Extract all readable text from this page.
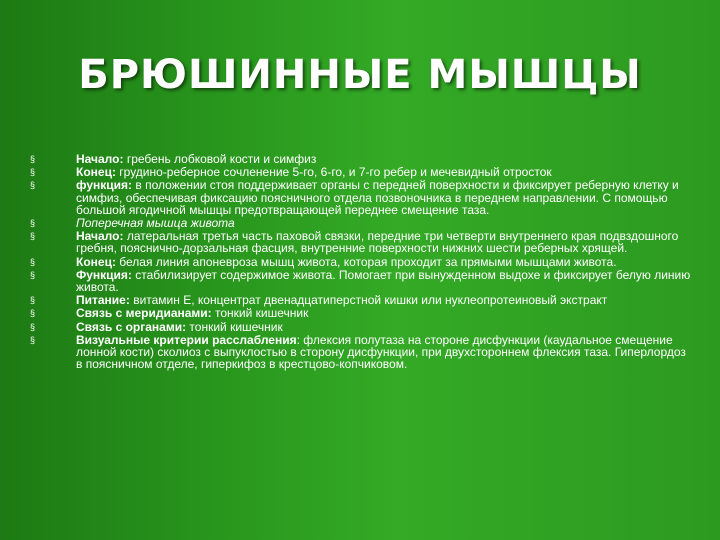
БРЮШИННЫЕ МЫШЦЫ
§	Начало: гребень лобковой кости и симфиз
§	Конец: грудино-реберное сочленение 5-го, 6-го, и 7-го ребер и мечевидный отросток
§	функция: в положении стоя поддерживает органы с передней поверхности и фиксирует реберную клетку и симфиз, обеспечивая фиксацию поясничного отдела позвоночника в переднем направлении. С помощью большой ягодичной мышцы предотвращающей переднее смещение таза.
§	Поперечная мышца живота
§	Начало: латеральная третья часть паховой связки, передние три четверти внутреннего края подвздошного гребня, пояснично-дорзальная фасция, внутренние поверхности нижних шести реберных хрящей.
§	Конец: белая линия апоневроза мышц живота, которая проходит за прямыми мышцами живота.
§	Функция: стабилизирует содержимое живота. Помогает при вынужденном выдохе и фиксирует белую линию живота.
§	Питание: витамин Е, концентрат двенадцатиперстной кишки или нуклеопротеиновый экстракт
§	Связь с меридианами: тонкий кишечник
§	Связь с органами: тонкий кишечник
§	Визуальные критерии расслабления: флексия полутаза на стороне дисфункции (каудальное смещение лонной кости) сколиоз с выпуклостью в сторону дисфункции, при двухстороннем флексия таза. Гиперлордоз в поясничном отделе, гиперкифоз в крестцово-копчиковом.
